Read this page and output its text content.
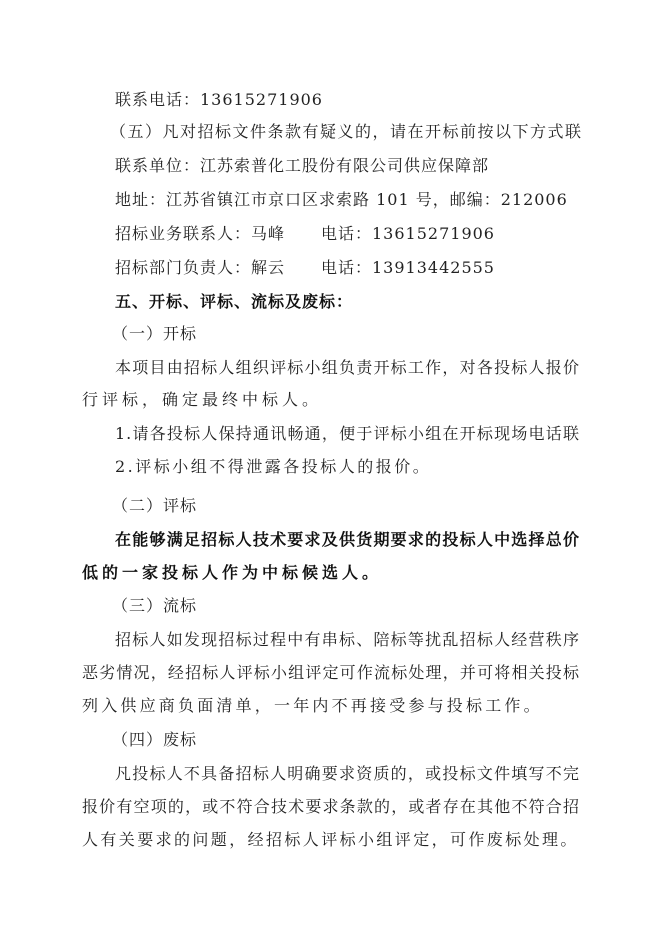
联系电话：13615271906
（五）凡对招标文件条款有疑义的，请在开标前按以下方式联
联系单位：江苏索普化工股份有限公司供应保障部
地址：江苏省镇江市京口区求索路 101 号，邮编：212006
招标业务联系人：马峰 电话：13615271906
招标部门负责人：解云 电话：13913442555
五、开标、评标、流标及废标：
（一）开标
本项目由招标人组织评标小组负责开标工作，对各投标人报价
行评标，确定最终中标人。
1.请各投标人保持通讯畅通，便于评标小组在开标现场电话联
2.评标小组不得泄露各投标人的报价。
（二）评标
在能够满足招标人技术要求及供货期要求的投标人中选择总价
低的一家投标人作为中标候选人。
（三）流标
招标人如发现招标过程中有串标、陪标等扰乱招标人经营秩序
恶劣情况，经招标人评标小组评定可作流标处理，并可将相关投标
列入供应商负面清单，一年内不再接受参与投标工作。
（四）废标
凡投标人不具备招标人明确要求资质的，或投标文件填写不完
报价有空项的，或不符合技术要求条款的，或者存在其他不符合招
人有关要求的问题，经招标人评标小组评定，可作废标处理。
